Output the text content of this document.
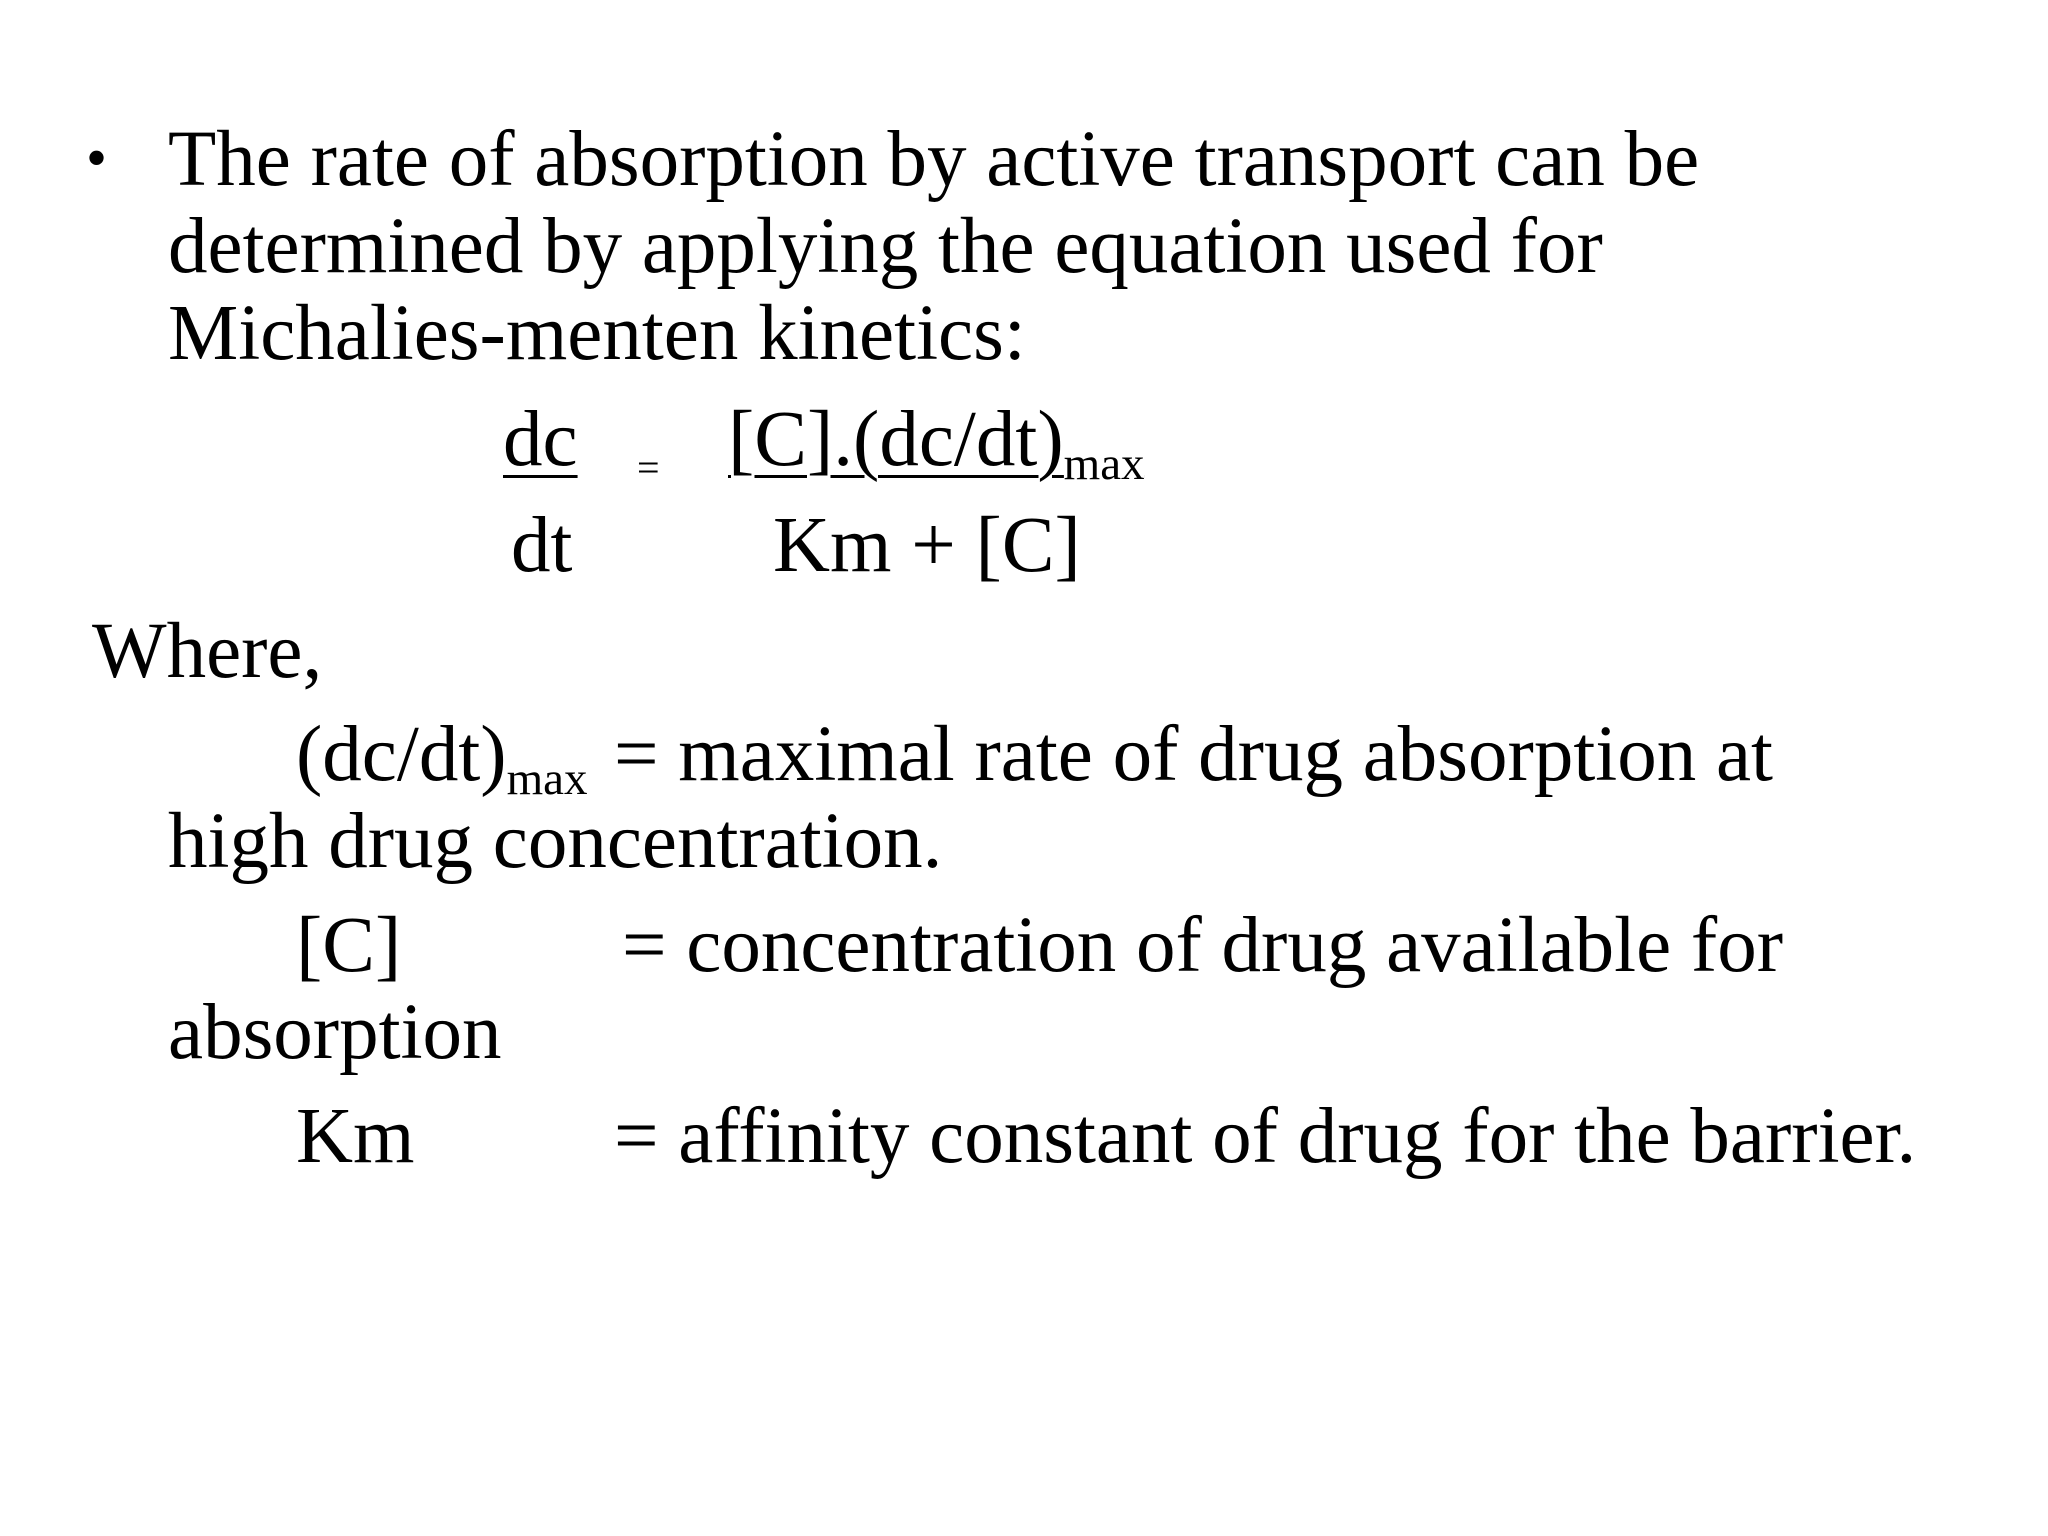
• The rate of absorption by active transport can be
determined by applying the equation used for
Michalies-menten kinetics:
dc = [C].(dc/dt)max
dt	Km + [C]
Where,
(dc/dt)max = maximal rate of drug absorption at
high drug concentration.
[C]	= concentration of drug available for
absorption
Km	= affinity constant of drug for the barrier.
